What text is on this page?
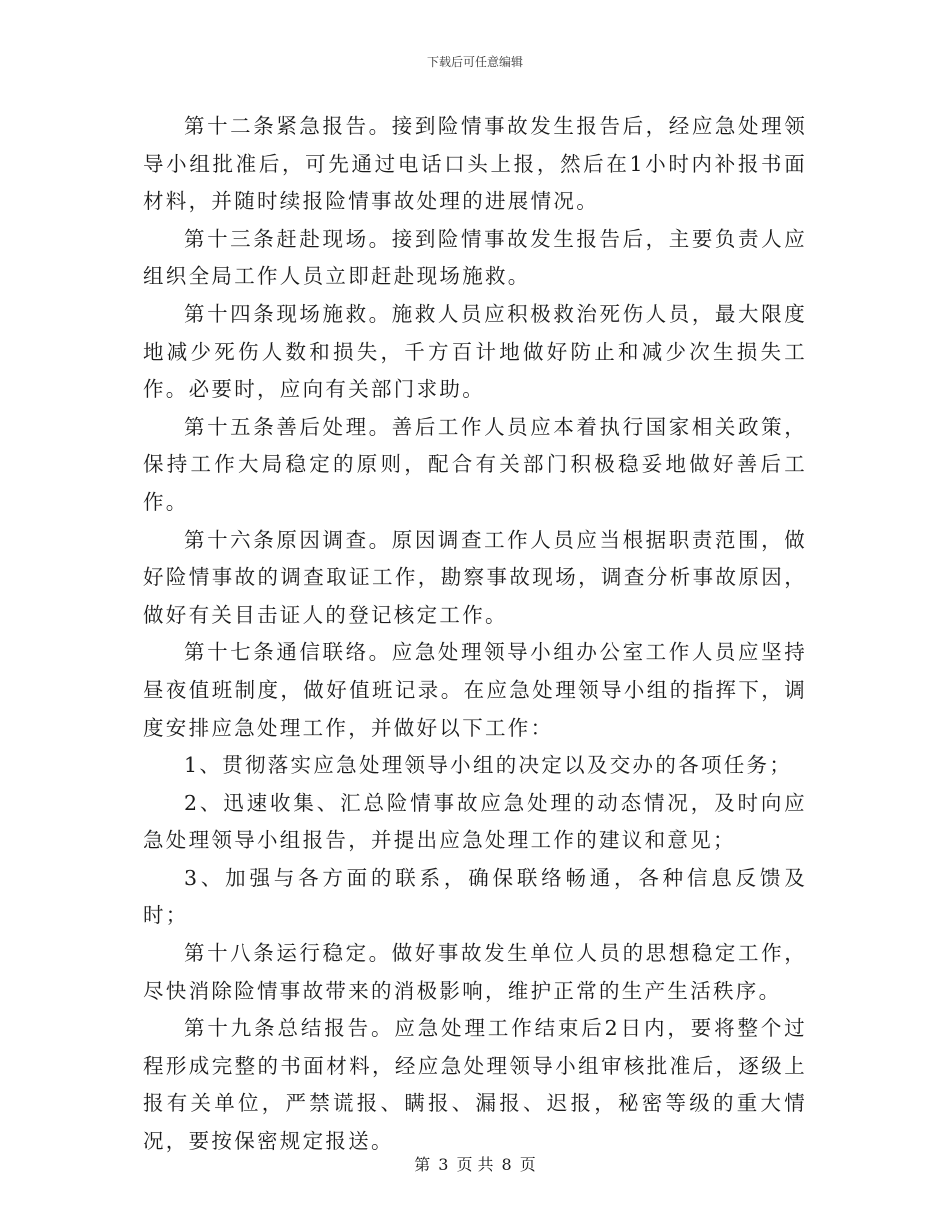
下载后可任意编辑

第十二条紧急报告。接到险情事故发生报告后，经应急处理领导小组批准后，可先通过电话口头上报，然后在1小时内补报书面材料，并随时续报险情事故处理的进展情况。

第十三条赶赴现场。接到险情事故发生报告后，主要负责人应组织全局工作人员立即赶赴现场施救。

第十四条现场施救。施救人员应积极救治死伤人员，最大限度地减少死伤人数和损失，千方百计地做好防止和减少次生损失工作。必要时，应向有关部门求助。

第十五条善后处理。善后工作人员应本着执行国家相关政策，保持工作大局稳定的原则，配合有关部门积极稳妥地做好善后工作。

第十六条原因调查。原因调查工作人员应当根据职责范围，做好险情事故的调查取证工作，勘察事故现场，调查分析事故原因，做好有关目击证人的登记核定工作。

第十七条通信联络。应急处理领导小组办公室工作人员应坚持昼夜值班制度，做好值班记录。在应急处理领导小组的指挥下，调度安排应急处理工作，并做好以下工作：

1、贯彻落实应急处理领导小组的决定以及交办的各项任务；

2、迅速收集、汇总险情事故应急处理的动态情况，及时向应急处理领导小组报告，并提出应急处理工作的建议和意见；

3、加强与各方面的联系，确保联络畅通，各种信息反馈及时；

第十八条运行稳定。做好事故发生单位人员的思想稳定工作，尽快消除险情事故带来的消极影响，维护正常的生产生活秩序。

第十九条总结报告。应急处理工作结束后2日内，要将整个过程形成完整的书面材料，经应急处理领导小组审核批准后，逐级上报有关单位，严禁谎报、瞒报、漏报、迟报，秘密等级的重大情况，要按保密规定报送。

第 3 页 共 8 页
